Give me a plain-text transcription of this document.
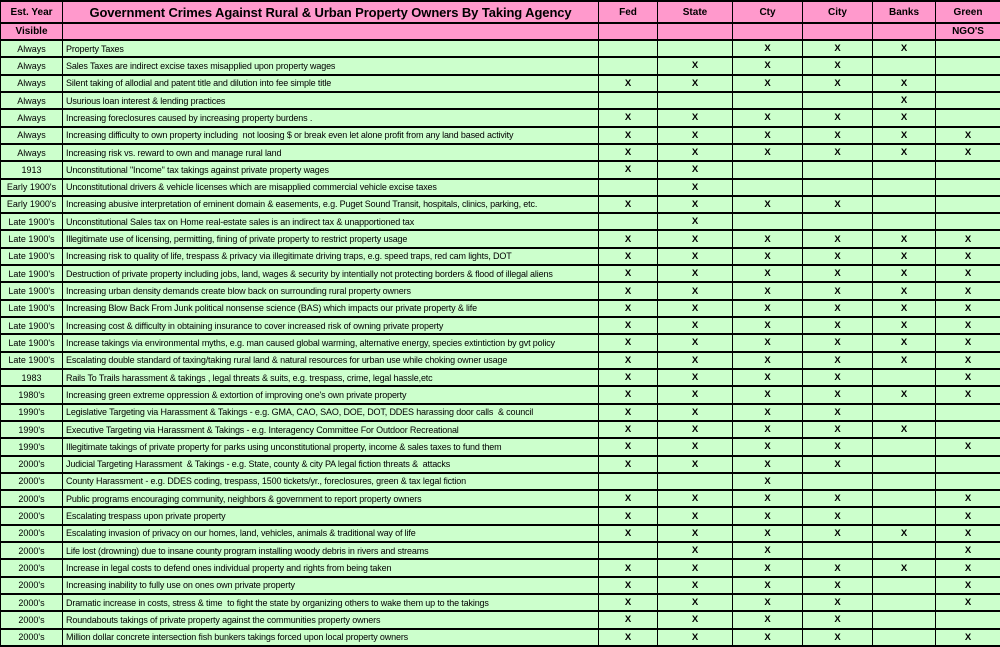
Est. Year	Government Crimes Against Rural & Urban Property Owners By Taking Agency	Fed	State	Cty	City	Banks	Green
Visible							NGO'S
Always	Property Taxes			X	X	X	
Always	Sales Taxes are indirect excise taxes misapplied upon property wages		X	X	X		
Always	Silent taking of allodial and patent title and dilution into fee simple title	X	X	X	X	X	
Always	Usurious loan interest & lending practices					X	
Always	Increasing foreclosures caused by increasing property burdens .	X	X	X	X	X	
Always	Increasing difficulty to own property including  not loosing $ or break even let alone profit from any land based activity	X	X	X	X	X	X
Always	Increasing risk vs. reward to own and manage rural land	X	X	X	X	X	X
1913	Unconstitutional "Income" tax takings against private property wages	X	X				
Early 1900's	Unconstitutional drivers & vehicle licenses which are misapplied commercial vehicle excise taxes		X				
Early 1900's	Increasing abusive interpretation of eminent domain & easements, e.g. Puget Sound Transit, hospitals, clinics, parking, etc.	X	X	X	X		
Late 1900's	Unconstitutional Sales tax on Home real-estate sales is an indirect tax & unapportioned tax		X				
Late 1900's	Illegitimate use of licensing, permitting, fining of private property to restrict property usage	X	X	X	X	X	X
Late 1900's	Increasing risk to quality of life, trespass & privacy via illegitimate driving traps, e.g. speed traps, red cam lights, DOT	X	X	X	X	X	X
Late 1900's	Destruction of private property including jobs, land, wages & security by intentially not protecting borders & flood of illegal aliens	X	X	X	X	X	X
Late 1900's	Increasing urban density demands create blow back on surrounding rural property owners	X	X	X	X	X	X
Late 1900's	Increasing Blow Back From Junk political nonsense science (BAS) which impacts our private property & life	X	X	X	X	X	X
Late 1900's	Increasing cost & difficulty in obtaining insurance to cover increased risk of owning private property	X	X	X	X	X	X
Late 1900's	Increase takings via environmental myths, e.g. man caused global warming, alternative energy, species extintiction by gvt policy	X	X	X	X	X	X
Late 1900's	Escalating double standard of taxing/taking rural land & natural resources for urban use while choking owner usage	X	X	X	X	X	X
1983	Rails To Trails harassment & takings , legal threats & suits, e.g. trespass, crime, legal hassle,etc	X	X	X	X		X
1980's	Increasing green extreme oppression & extortion of improving one's own private property	X	X	X	X	X	X
1990's	Legislative Targeting via Harassment & Takings - e.g. GMA, CAO, SAO, DOE, DOT, DDES harassing door calls  & council	X	X	X	X		
1990's	Executive Targeting via Harassment & Takings - e.g. Interagency Committee For Outdoor Recreational	X	X	X	X	X	
1990's	Illegitimate takings of private property for parks using unconstitutional property, income & sales taxes to fund them	X	X	X	X		X
2000's	Judicial Targeting Harassment  & Takings - e.g. State, county & city PA legal fiction threats &  attacks	X	X	X	X		
2000's	County Harassment - e.g. DDES coding, trespass, 1500 tickets/yr., foreclosures, green & tax legal fiction			X			
2000's	Public programs encouraging community, neighbors & government to report property owners	X	X	X	X		X
2000's	Escalating trespass upon private property	X	X	X	X		X
2000's	Escalating invasion of privacy on our homes, land, vehicles, animals & traditional way of life	X	X	X	X	X	X
2000's	Life lost (drowning) due to insane county program installing woody debris in rivers and streams		X	X			X
2000's	Increase in legal costs to defend ones individual property and rights from being taken	X	X	X	X	X	X
2000's	Increasing inability to fully use on ones own private property	X	X	X	X		X
2000's	Dramatic increase in costs, stress & time  to fight the state by organizing others to wake them up to the takings	X	X	X	X		X
2000's	Roundabouts takings of private property against the communities property owners	X	X	X	X		
2000's	Million dollar concrete intersection fish bunkers takings forced upon local property owners	X	X	X	X		X
